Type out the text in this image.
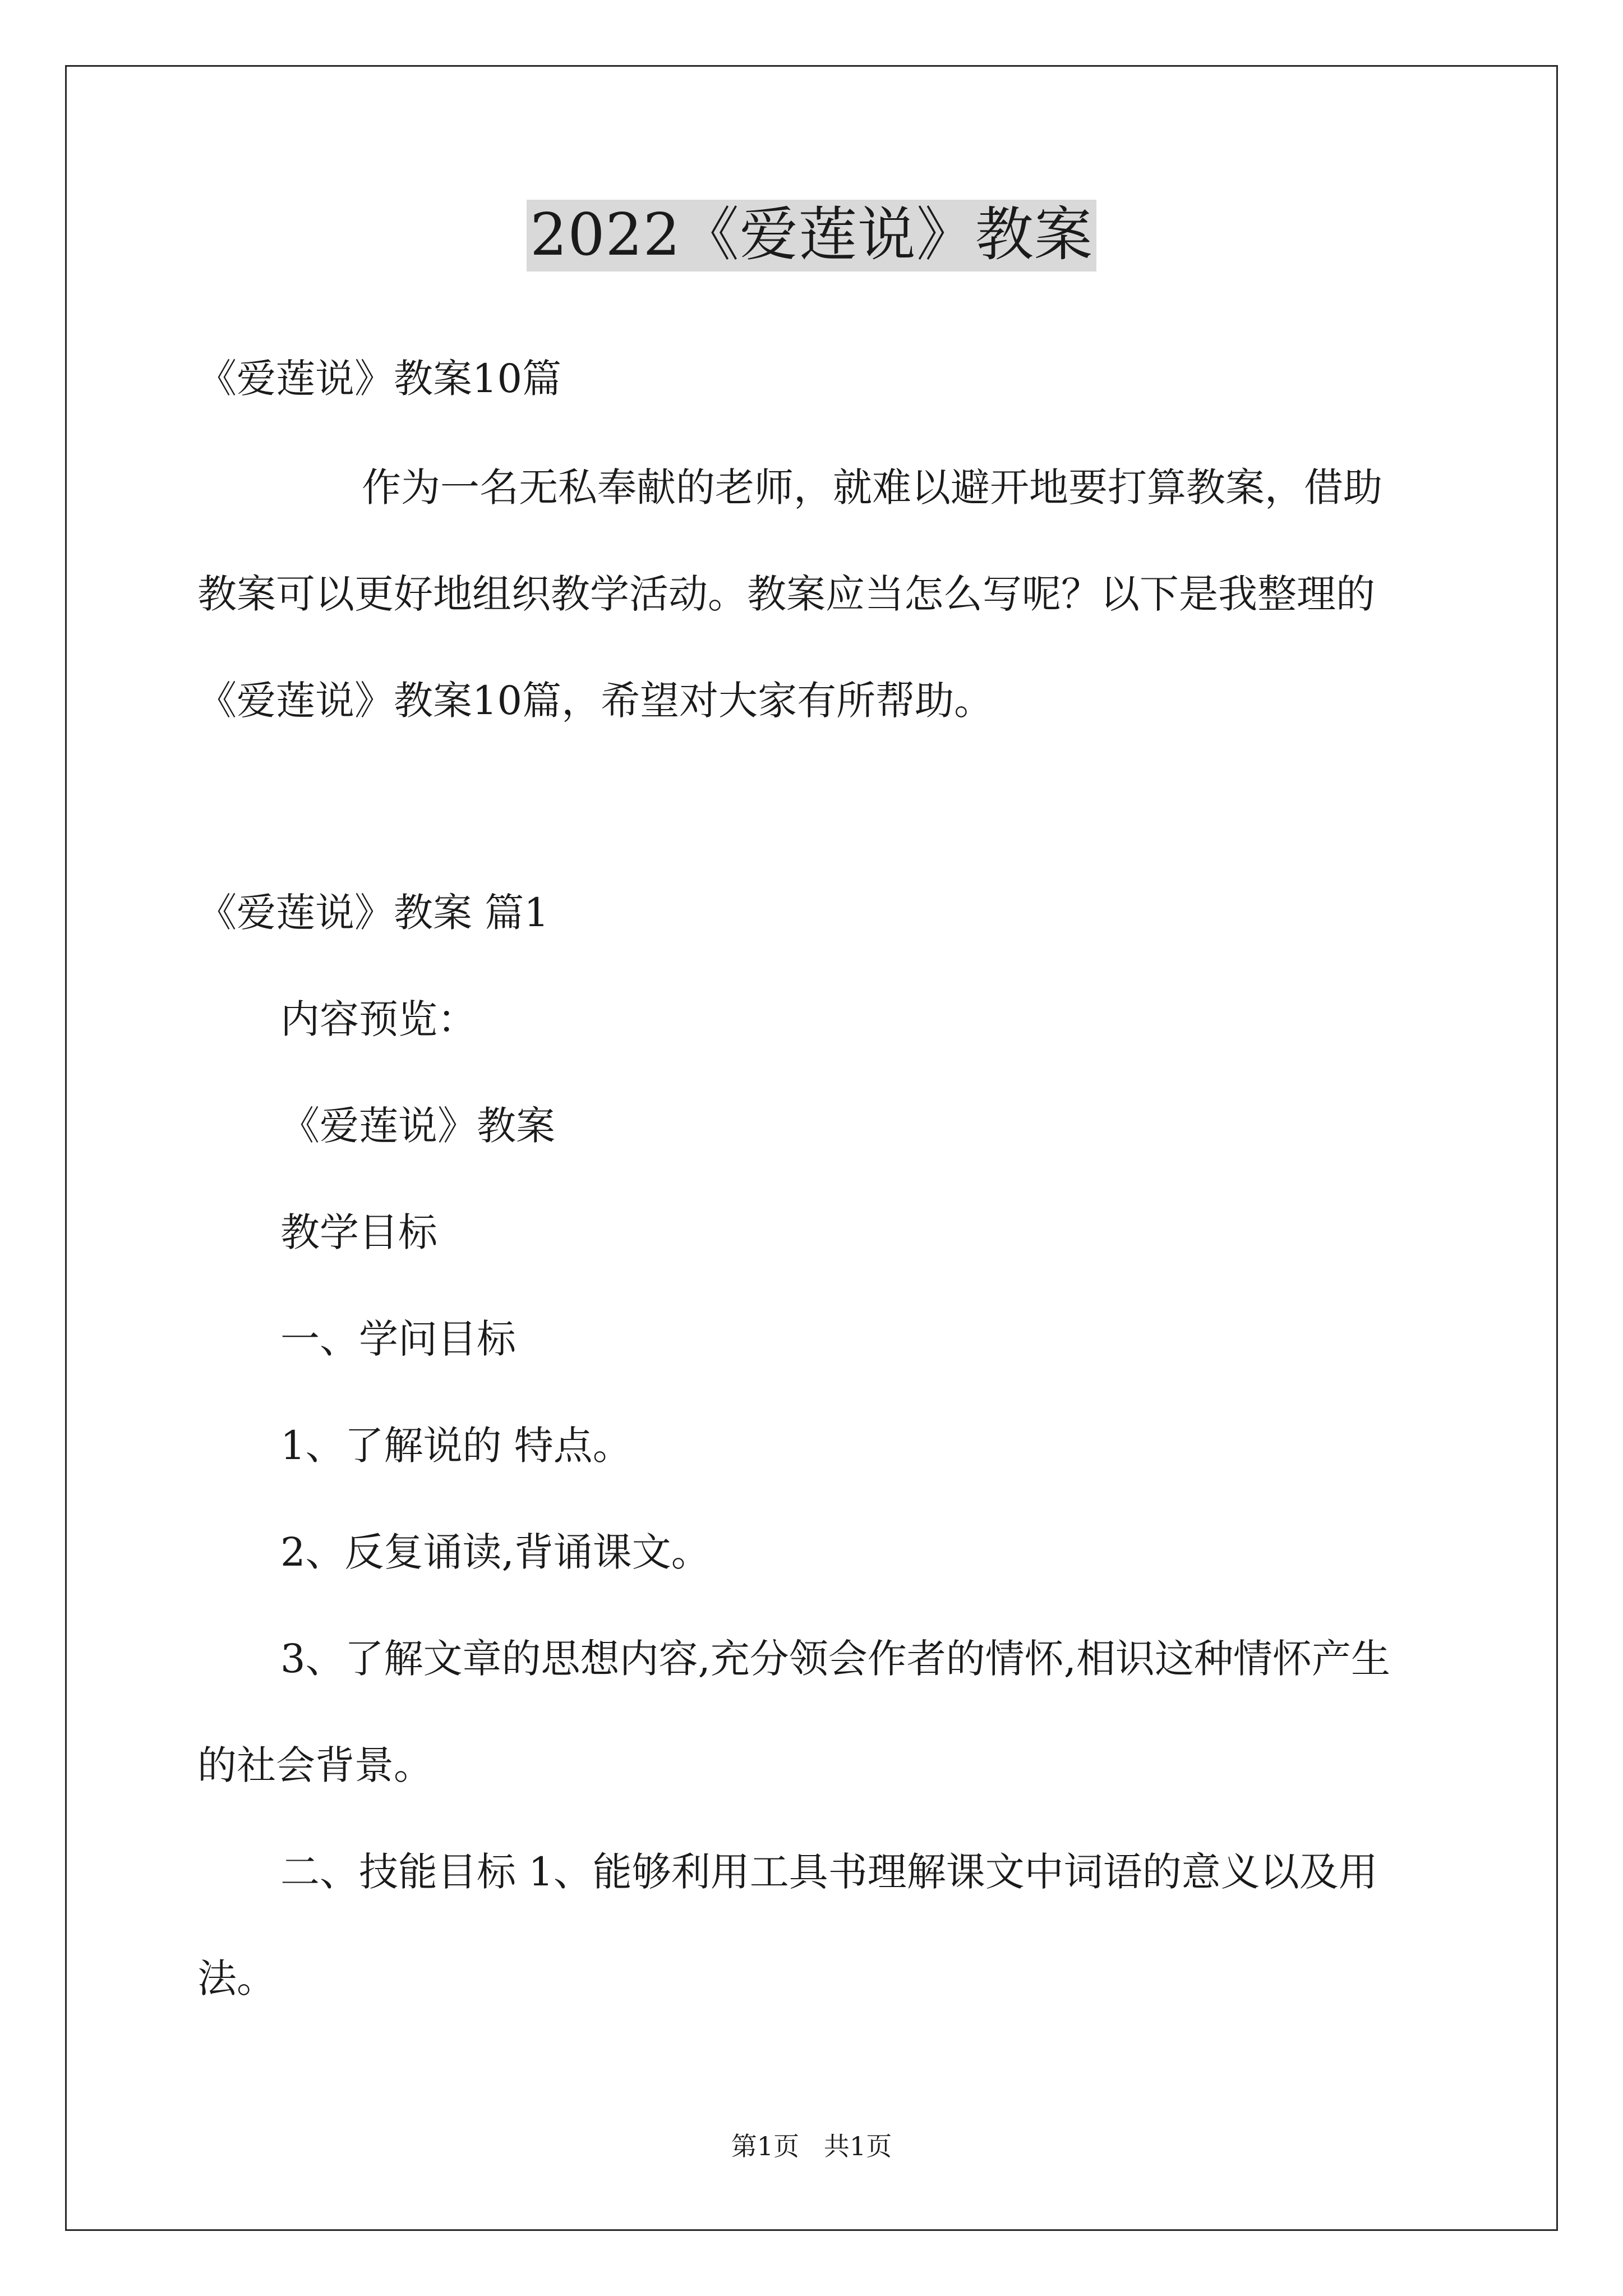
2022《爱莲说》教案

《爱莲说》教案10篇

作为一名无私奉献的老师，就难以避开地要打算教案，借助

教案可以更好地组织教学活动。教案应当怎么写呢？以下是我整理的

《爱莲说》教案10篇，希望对大家有所帮助。

《爱莲说》教案 篇1

内容预览：

《爱莲说》教案

教学目标

一、学问目标

1、了解说的 特点。

2、反复诵读,背诵课文。

3、了解文章的思想内容,充分领会作者的情怀,相识这种情怀产生

的社会背景。

二、技能目标 1、能够利用工具书理解课文中词语的意义以及用

法。

第1页   共1页
